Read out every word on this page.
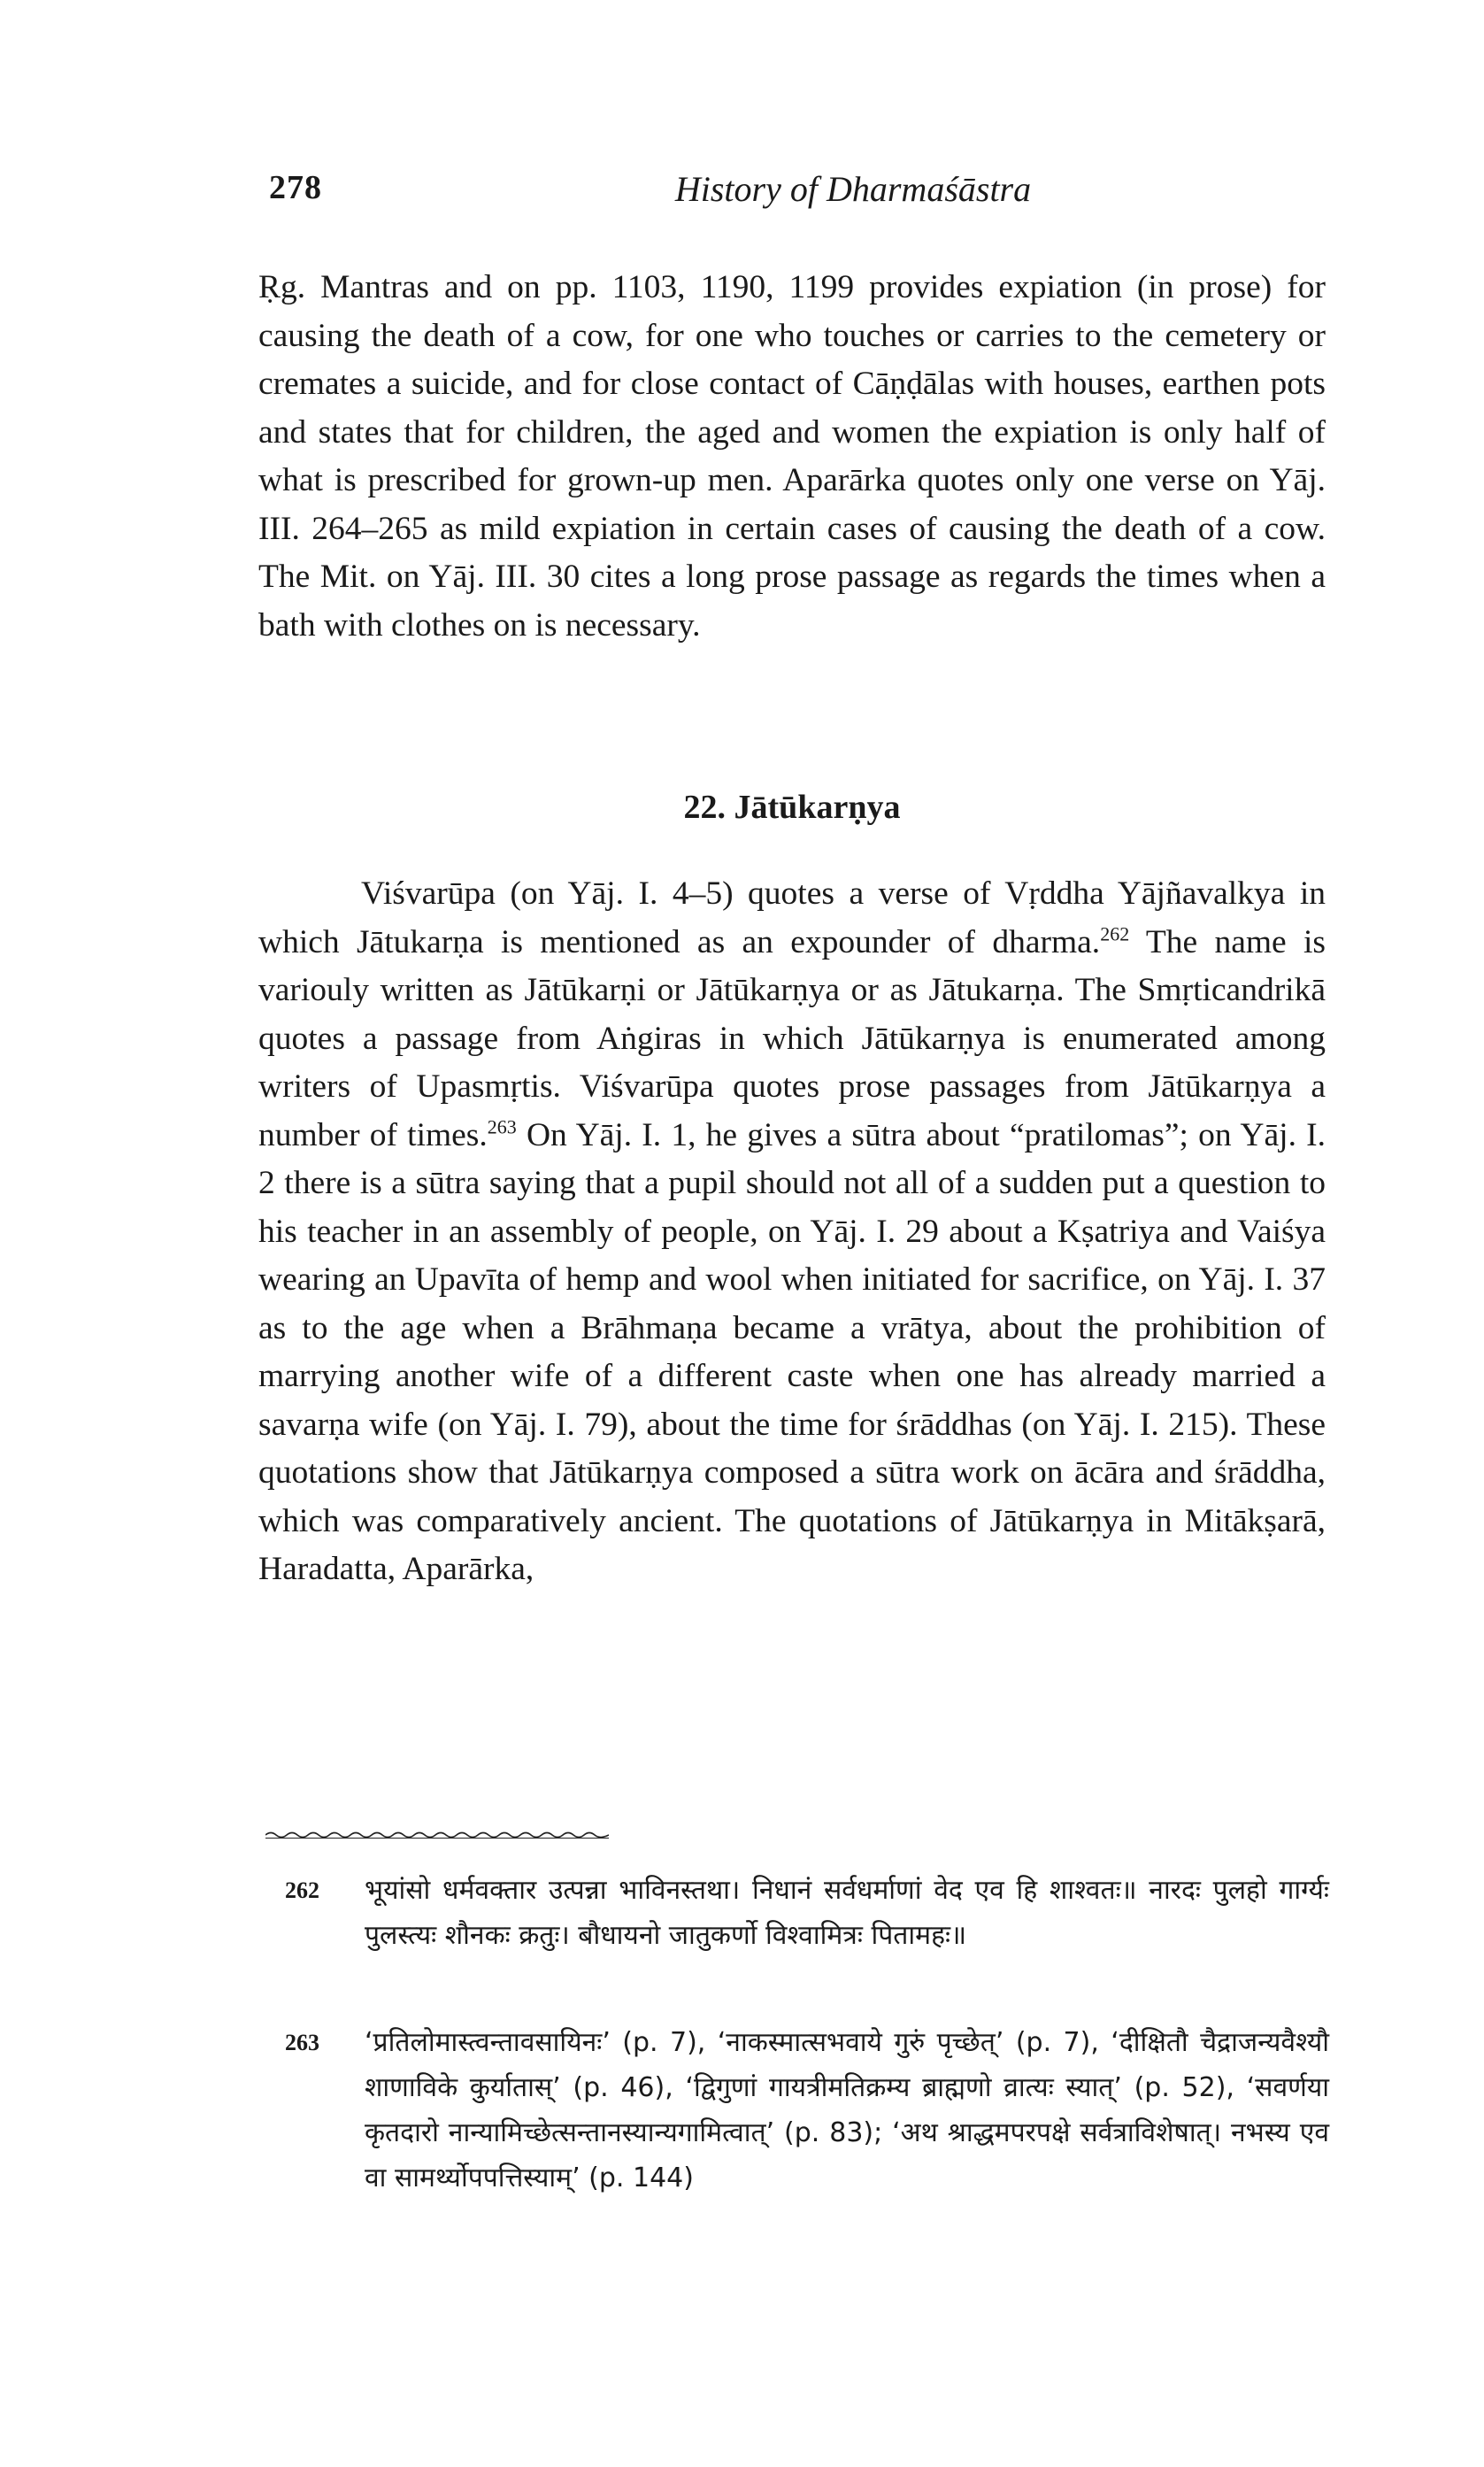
278	History of Dharmaśāstra

Ṛg. Mantras and on pp. 1103, 1190, 1199 provides expiation (in prose) for causing the death of a cow, for one who touches or carries to the cemetery or cremates a suicide, and for close contact of Cāṇḍālas with houses, earthen pots and states that for children, the aged and women the expiation is only half of what is prescribed for grown-up men. Aparārka quotes only one verse on Yāj. III. 264–265 as mild expiation in certain cases of causing the death of a cow. The Mit. on Yāj. III. 30 cites a long prose passage as regards the times when a bath with clothes on is necessary.

22. Jātūkarṇya

Viśvarūpa (on Yāj. I. 4–5) quotes a verse of Vṛddha Yājñavalkya in which Jātukarṇa is mentioned as an expounder of dharma.$^{262}$ The name is variouly written as Jātūkarṇi or Jātūkarṇya or as Jātukarṇa. The Smṛticandrikā quotes a passage from Aṅgiras in which Jātūkarṇya is enumerated among writers of Upasmṛtis. Viśvarūpa quotes prose passages from Jātūkarṇya a number of times.$^{263}$ On Yāj. I. 1, he gives a sūtra about “pratilomas”; on Yāj. I. 2 there is a sūtra saying that a pupil should not all of a sudden put a question to his teacher in an assembly of people, on Yāj. I. 29 about a Kṣatriya and Vaiśya wearing an Upavīta of hemp and wool when initiated for sacrifice, on Yāj. I. 37 as to the age when a Brāhmaṇa became a vrātya, about the prohibition of marrying another wife of a different caste when one has already married a savarṇa wife (on Yāj. I. 79), about the time for śrāddhas (on Yāj. I. 215). These quotations show that Jātūkarṇya composed a sūtra work on ācāra and śrāddha, which was comparatively ancient. The quotations of Jātūkarṇya in Mitākṣarā, Haradatta, Aparārka,

262 भूयांसो धर्मवक्तार उत्पन्ना भाविनस्तथा। निधानं सर्वधर्माणां वेद एव हि शाश्वतः॥ नारदः पुलहो गार्ग्यः पुलस्त्यः शौनकः क्रतुः। बौधायनो जातुकर्णो विश्वामित्रः पितामहः॥

263 ‘प्रतिलोमास्त्वन्तावसायिनः’ (p. 7), ‘नाकस्मात्सभवाये गुरुं पृच्छेत्’ (p. 7), ‘दीक्षितौ चैद्राजन्यवैश्यौ शाणाविके कुर्यातास्’ (p. 46), ‘द्विगुणां गायत्रीमतिक्रम्य ब्राह्मणो व्रात्यः स्यात्’ (p. 52), ‘सवर्णया कृतदारो नान्यामिच्छेत्सन्तानस्यान्यगामित्वात्’ (p. 83); ‘अथ श्राद्धमपरपक्षे सर्वत्राविशेषात्। नभस्य एव वा सामर्थ्योपपत्तिस्याम्’ (p. 144)
